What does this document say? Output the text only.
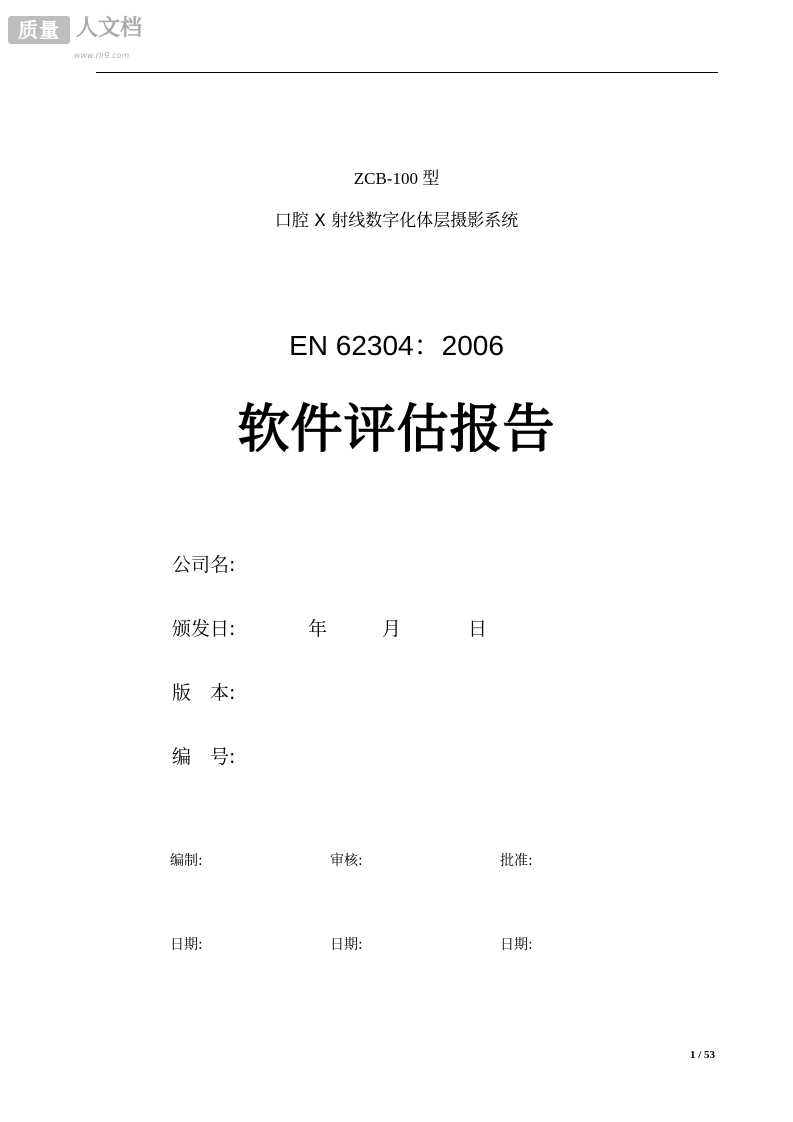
质量 人文档
www.rlr9.com
ZCB-100 型
口腔 X 射线数字化体层摄影系统
EN 62304：2006
软件评估报告
公司名:
颁发日:	年	月	日
版　本:
编　号:
编制:	审核:	批准:
日期:	日期:	日期:
1 / 53
